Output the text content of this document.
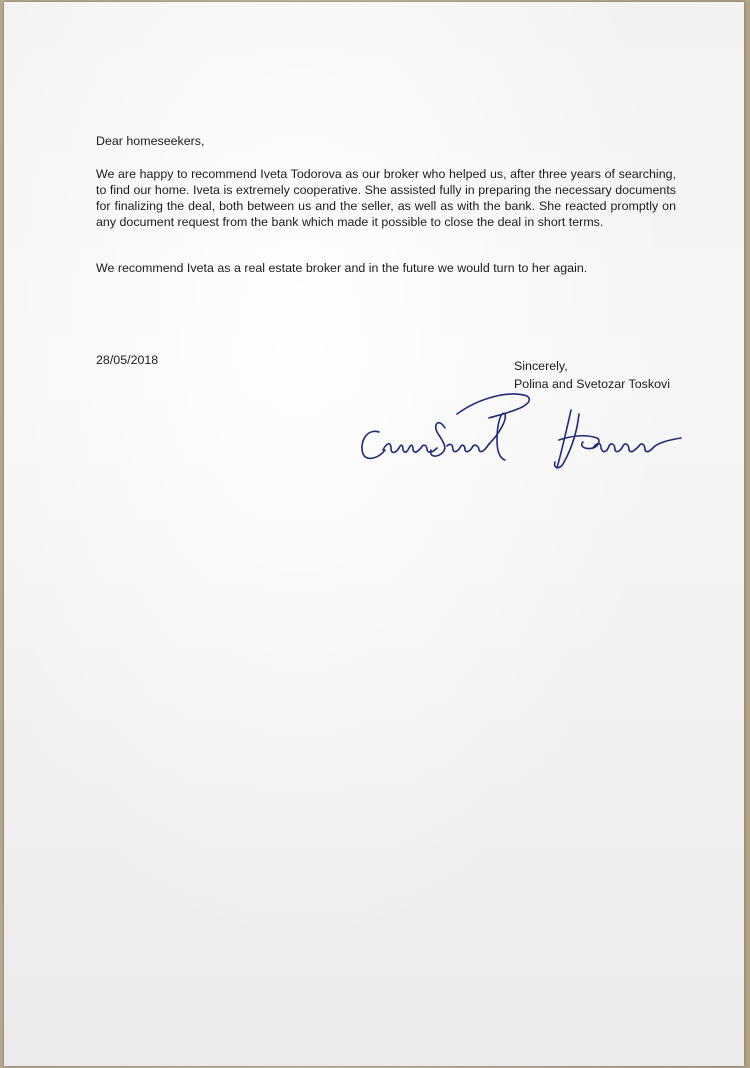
Dear homeseekers,
We are happy to recommend Iveta Todorova as our broker who helped us, after three years of searching, to find our home. Iveta is extremely cooperative. She assisted fully in preparing the necessary documents for finalizing the deal, both between us and the seller, as well as with the bank. She reacted promptly on any document request from the bank which made it possible to close the deal in short terms.
We recommend Iveta as a real estate broker and in the future we would turn to her again.
28/05/2018	Sincerely,
Polina and Svetozar Toskovi
